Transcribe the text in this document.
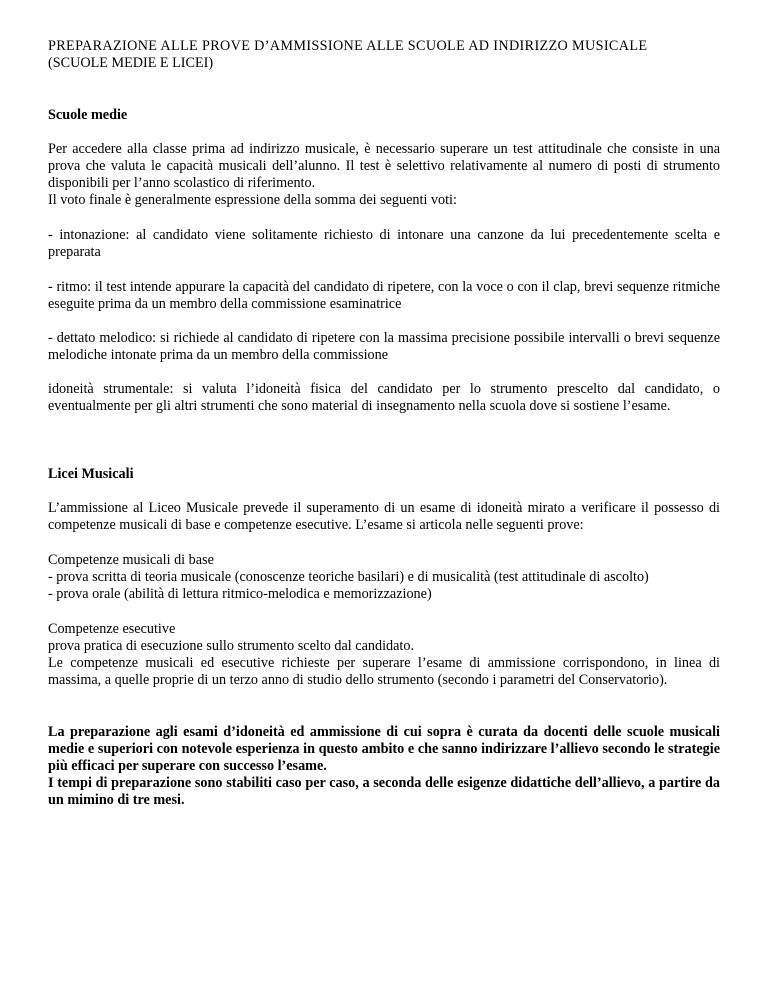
PREPARAZIONE ALLE PROVE D’AMMISSIONE ALLE SCUOLE AD INDIRIZZO MUSICALE
(SCUOLE MEDIE E LICEI)

Scuole medie

Per accedere alla classe prima ad indirizzo musicale, è necessario superare un test attitudinale che consiste in una prova che valuta le capacità musicali dell’alunno. Il test è selettivo relativamente al numero di posti di strumento disponibili per l’anno scolastico di riferimento.
Il voto finale è generalmente espressione della somma dei seguenti voti:

- intonazione: al candidato viene solitamente richiesto di intonare una canzone da lui precedentemente scelta e preparata

- ritmo: il test intende appurare la capacità del candidato di ripetere, con la voce o con il clap, brevi sequenze ritmiche eseguite prima da un membro della commissione esaminatrice

- dettato melodico: si richiede al candidato di ripetere con la massima precisione possibile intervalli o brevi sequenze melodiche intonate prima da un membro della commissione

idoneità strumentale: si valuta l’idoneità fisica del candidato per lo strumento prescelto dal candidato, o eventualmente per gli altri strumenti che sono material di insegnamento nella scuola dove si sostiene l’esame.

Licei Musicali

L’ammissione al Liceo Musicale prevede il superamento di un esame di idoneità mirato a verificare il possesso di competenze musicali di base e competenze esecutive. L’esame si articola nelle seguenti prove:

Competenze musicali di base
- prova scritta di teoria musicale (conoscenze teoriche basilari) e di musicalità (test attitudinale di ascolto)
- prova orale (abilità di lettura ritmico-melodica e memorizzazione)

Competenze esecutive
prova pratica di esecuzione sullo strumento scelto dal candidato.

Le competenze musicali ed esecutive richieste per superare l’esame di ammissione corrispondono, in linea di massima, a quelle proprie di un terzo anno di studio dello strumento (secondo i parametri del Conservatorio).

La preparazione agli esami d’idoneità ed ammissione di cui sopra è curata da docenti delle scuole musicali medie e superiori con notevole esperienza in questo ambito e che sanno indirizzare l’allievo secondo le strategie più efficaci per superare con successo l’esame.
I tempi di preparazione sono stabiliti caso per caso, a seconda delle esigenze didattiche dell’allievo, a partire da un mimino di tre mesi.
